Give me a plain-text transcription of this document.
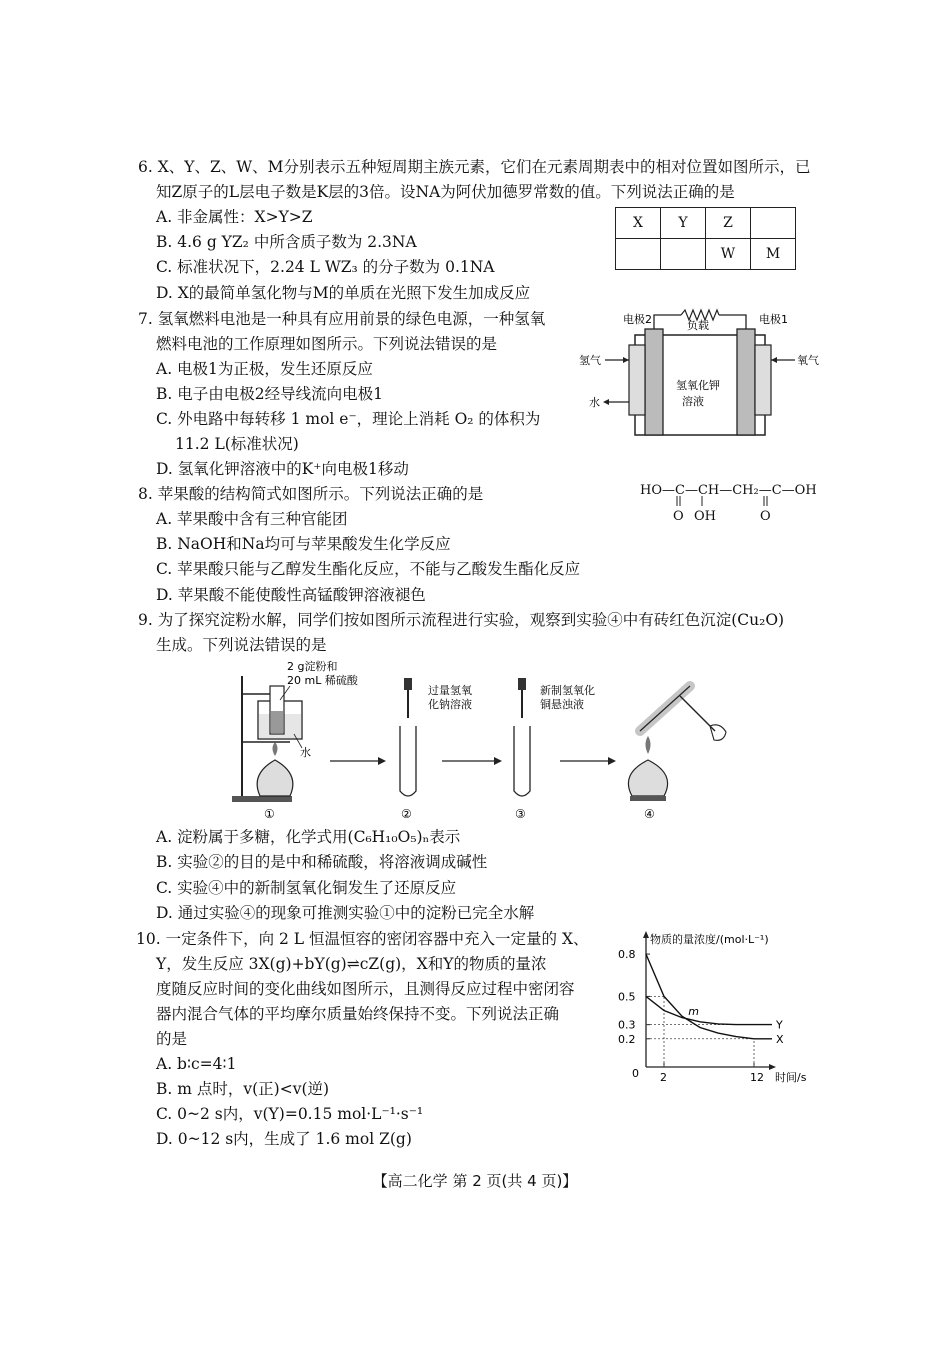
6. X、Y、Z、W、M分别表示五种短周期主族元素，它们在元素周期表中的相对位置如图所示，已
知Z原子的L层电子数是K层的3倍。设NA为阿伏加德罗常数的值。下列说法正确的是
A. 非金属性：X>Y>Z
B. 4.6 g YZ₂ 中所含质子数为 2.3NA
C. 标准状况下，2.24 L WZ₃ 的分子数为 0.1NA
D. X的最简单氢化物与M的单质在光照下发生加成反应
X	Y	Z	
		W	M
7. 氢氧燃料电池是一种具有应用前景的绿色电源，一种氢氧
燃料电池的工作原理如图所示。下列说法错误的是
A. 电极1为正极，发生还原反应
B. 电子由电极2经导线流向电极1
C. 外电路中每转移 1 mol e⁻，理论上消耗 O₂ 的体积为
11.2 L(标准状况)
D. 氢氧化钾溶液中的K⁺向电极1移动
电极2	负载	电极1
氢气	氧气
水
氢氧化钾
溶液
8. 苹果酸的结构简式如图所示。下列说法正确的是
A. 苹果酸中含有三种官能团
B. NaOH和Na均可与苹果酸发生化学反应
C. 苹果酸只能与乙醇发生酯化反应，不能与乙酸发生酯化反应
D. 苹果酸不能使酸性高锰酸钾溶液褪色
HO—C—CH—CH₂—C—OH
O OH	O
9. 为了探究淀粉水解，同学们按如图所示流程进行实验，观察到实验④中有砖红色沉淀(Cu₂O)
生成。下列说法错误的是
2 g淀粉和
20 mL 稀硫酸
水
①
过量氢氧
化钠溶液
②
新制氢氧化
铜悬浊液
③	④
A. 淀粉属于多糖，化学式用(C₆H₁₀O₅)ₙ表示
B. 实验②的目的是中和稀硫酸，将溶液调成碱性
C. 实验④中的新制氢氧化铜发生了还原反应
D. 通过实验④的现象可推测实验①中的淀粉已完全水解
10. 一定条件下，向 2 L 恒温恒容的密闭容器中充入一定量的 X、
Y，发生反应 3X(g)+bY(g)⇌cZ(g)，X和Y的物质的量浓
度随反应时间的变化曲线如图所示，且测得反应过程中密闭容
器内混合气体的平均摩尔质量始终保持不变。下列说法正确
的是
A. b∶c=4∶1
B. m 点时，v(正)<v(逆)
C. 0~2 s内，v(Y)=0.15 mol·L⁻¹·s⁻¹
D. 0~12 s内，生成了 1.6 mol Z(g)
物质的量浓度/(mol·L⁻¹)
时间/s
0
0.8
0.5
0.3
0.2
2	12
X
Y
m
【高二化学 第 2 页(共 4 页)】
